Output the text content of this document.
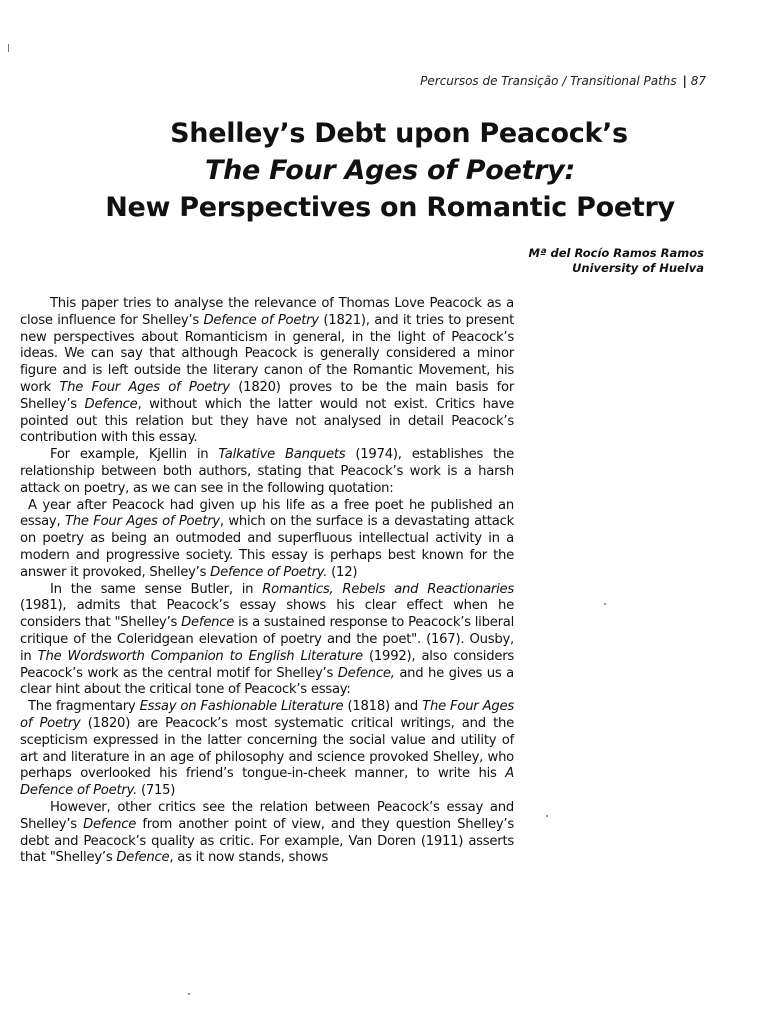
Percursos de Transição / Transitional Paths | 87
Shelley’s Debt upon Peacock’s
The Four Ages of Poetry:
New Perspectives on Romantic Poetry
Mª del Rocío Ramos Ramos
University of Huelva

This paper tries to analyse the relevance of Thomas Love Peacock as a close influence for Shelley’s Defence of Poetry (1821), and it tries to present new perspectives about Romanticism in general, in the light of Peacock’s ideas. We can say that although Peacock is generally considered a minor figure and is left outside the literary canon of the Romantic Movement, his work The Four Ages of Poetry (1820) proves to be the main basis for Shelley’s Defence, without which the latter would not exist. Critics have pointed out this relation but they have not analysed in detail Peacock’s contribution with this essay.

For example, Kjellin in Talkative Banquets (1974), establishes the relationship between both authors, stating that Peacock’s work is a harsh attack on poetry, as we can see in the following quotation:

A year after Peacock had given up his life as a free poet he published an essay, The Four Ages of Poetry, which on the surface is a devastating attack on poetry as being an outmoded and superfluous intellectual activity in a modern and progressive society. This essay is perhaps best known for the answer it provoked, Shelley’s Defence of Poetry. (12)

In the same sense Butler, in Romantics, Rebels and Reactionaries (1981), admits that Peacock’s essay shows his clear effect when he considers that "Shelley’s Defence is a sustained response to Peacock’s liberal critique of the Coleridgean elevation of poetry and the poet". (167). Ousby, in The Wordsworth Companion to English Literature (1992), also considers Peacock’s work as the central motif for Shelley’s Defence, and he gives us a clear hint about the critical tone of Peacock’s essay:

The fragmentary Essay on Fashionable Literature (1818) and The Four Ages of Poetry (1820) are Peacock’s most systematic critical writings, and the scepticism expressed in the latter concerning the social value and utility of art and literature in an age of philosophy and science provoked Shelley, who perhaps overlooked his friend’s tongue-in-cheek manner, to write his A Defence of Poetry. (715)

However, other critics see the relation between Peacock’s essay and Shelley’s Defence from another point of view, and they question Shelley’s debt and Peacock’s quality as critic. For example, Van Doren (1911) asserts that "Shelley’s Defence, as it now stands, shows
